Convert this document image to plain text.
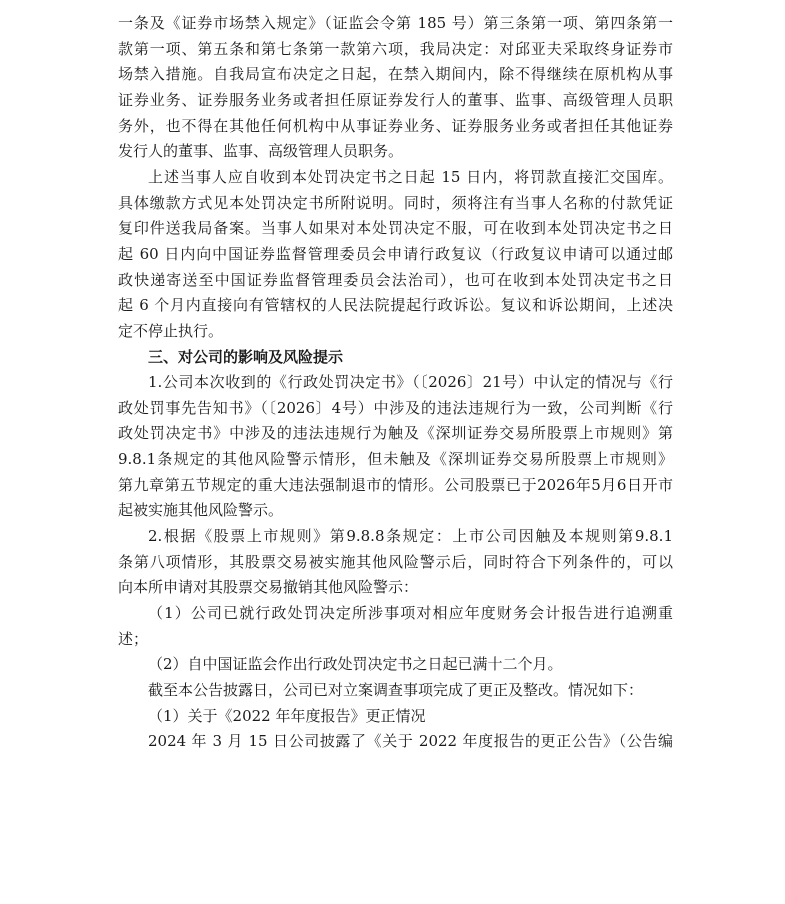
一条及《证券市场禁入规定》（证监会令第 185 号）第三条第一项、第四条第一
款第一项、第五条和第七条第一款第六项，我局决定：对邱亚夫采取终身证券市
场禁入措施。自我局宣布决定之日起，在禁入期间内，除不得继续在原机构从事
证券业务、证券服务业务或者担任原证券发行人的董事、监事、高级管理人员职
务外，也不得在其他任何机构中从事证券业务、证券服务业务或者担任其他证券
发行人的董事、监事、高级管理人员职务。
上述当事人应自收到本处罚决定书之日起 15 日内，将罚款直接汇交国库。
具体缴款方式见本处罚决定书所附说明。同时，须将注有当事人名称的付款凭证
复印件送我局备案。当事人如果对本处罚决定不服，可在收到本处罚决定书之日
起 60 日内向中国证券监督管理委员会申请行政复议（行政复议申请可以通过邮
政快递寄送至中国证券监督管理委员会法治司），也可在收到本处罚决定书之日
起 6 个月内直接向有管辖权的人民法院提起行政诉讼。复议和诉讼期间，上述决
定不停止执行。
三、对公司的影响及风险提示
1.公司本次收到的《行政处罚决定书》（〔2026〕21号）中认定的情况与《行
政处罚事先告知书》（〔2026〕4号）中涉及的违法违规行为一致，公司判断《行
政处罚决定书》中涉及的违法违规行为触及《深圳证券交易所股票上市规则》第
9.8.1条规定的其他风险警示情形，但未触及《深圳证券交易所股票上市规则》
第九章第五节规定的重大违法强制退市的情形。公司股票已于2026年5月6日开市
起被实施其他风险警示。
2.根据《股票上市规则》第9.8.8条规定：上市公司因触及本规则第9.8.1
条第八项情形，其股票交易被实施其他风险警示后，同时符合下列条件的，可以
向本所申请对其股票交易撤销其他风险警示：
（1）公司已就行政处罚决定所涉事项对相应年度财务会计报告进行追溯重
述；
（2）自中国证监会作出行政处罚决定书之日起已满十二个月。
截至本公告披露日，公司已对立案调查事项完成了更正及整改。情况如下：
（1）关于《2022 年年度报告》更正情况
2024 年 3 月 15 日公司披露了《关于 2022 年度报告的更正公告》（公告编
